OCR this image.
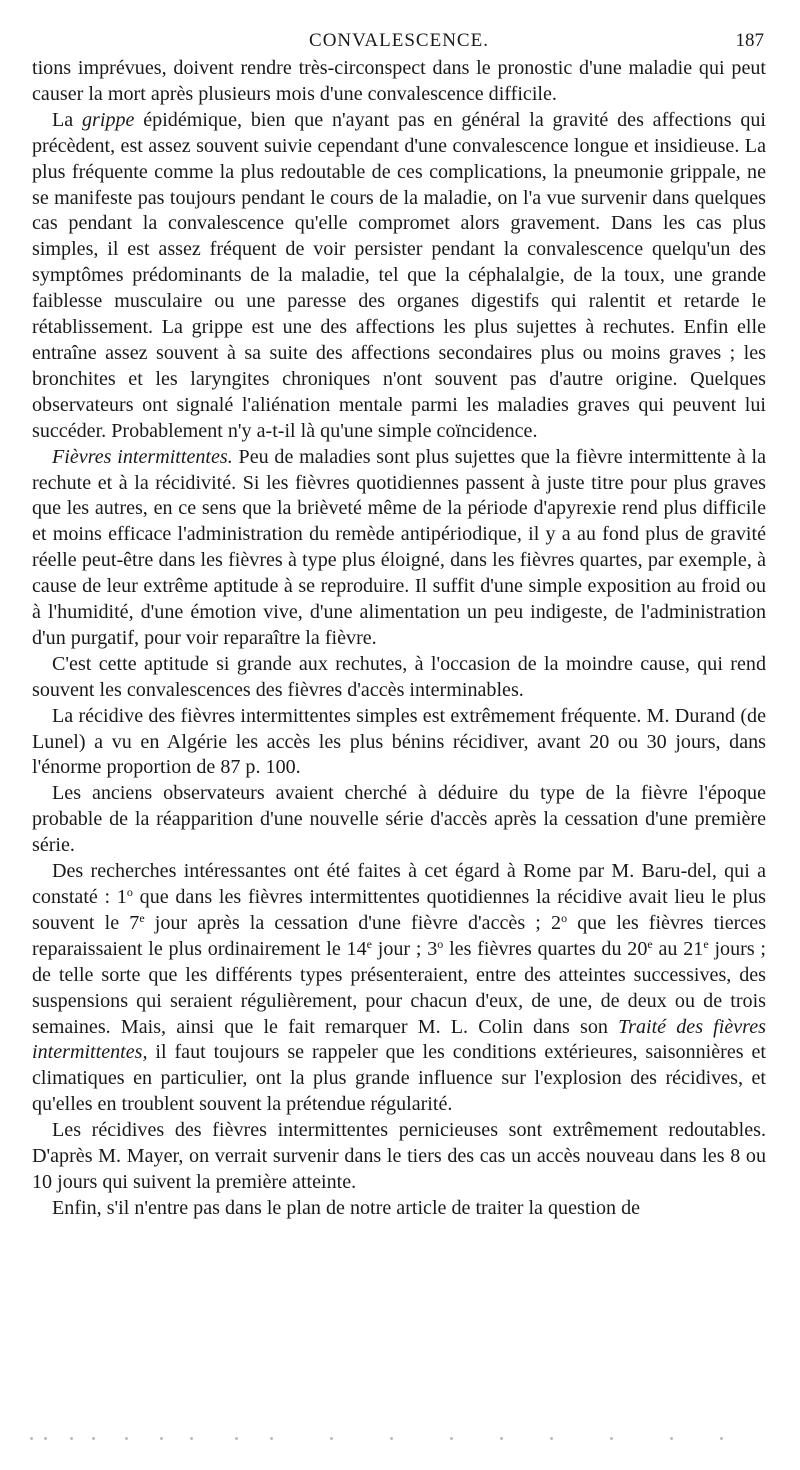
CONVALESCENCE.	187

tions imprévues, doivent rendre très-circonspect dans le pronostic d'une maladie qui peut causer la mort après plusieurs mois d'une convalescence difficile.

La grippe épidémique, bien que n'ayant pas en général la gravité des affections qui précèdent, est assez souvent suivie cependant d'une convalescence longue et insidieuse. La plus fréquente comme la plus redoutable de ces complications, la pneumonie grippale, ne se manifeste pas toujours pendant le cours de la maladie, on l'a vue survenir dans quelques cas pendant la convalescence qu'elle compromet alors gravement. Dans les cas plus simples, il est assez fréquent de voir persister pendant la convalescence quelqu'un des symptômes prédominants de la maladie, tel que la céphalalgie, de la toux, une grande faiblesse musculaire ou une paresse des organes digestifs qui ralentit et retarde le rétablissement. La grippe est une des affections les plus sujettes à rechutes. Enfin elle entraîne assez souvent à sa suite des affections secondaires plus ou moins graves ; les bronchites et les laryngites chroniques n'ont souvent pas d'autre origine. Quelques observateurs ont signalé l'aliénation mentale parmi les maladies graves qui peuvent lui succéder. Probablement n'y a-t-il là qu'une simple coïncidence.

Fièvres intermittentes. Peu de maladies sont plus sujettes que la fièvre intermittente à la rechute et à la récidivité. Si les fièvres quotidiennes passent à juste titre pour plus graves que les autres, en ce sens que la brièveté même de la période d'apyrexie rend plus difficile et moins efficace l'administration du remède antipériodique, il y a au fond plus de gravité réelle peut-être dans les fièvres à type plus éloigné, dans les fièvres quartes, par exemple, à cause de leur extrême aptitude à se reproduire. Il suffit d'une simple exposition au froid ou à l'humidité, d'une émotion vive, d'une alimentation un peu indigeste, de l'administration d'un purgatif, pour voir reparaître la fièvre.

C'est cette aptitude si grande aux rechutes, à l'occasion de la moindre cause, qui rend souvent les convalescences des fièvres d'accès interminables.

La récidive des fièvres intermittentes simples est extrêmement fréquente. M. Durand (de Lunel) a vu en Algérie les accès les plus bénins récidiver, avant 20 ou 30 jours, dans l'énorme proportion de 87 p. 100.

Les anciens observateurs avaient cherché à déduire du type de la fièvre l'époque probable de la réapparition d'une nouvelle série d'accès après la cessation d'une première série.

Des recherches intéressantes ont été faites à cet égard à Rome par M. Baru-del, qui a constaté : 1$^o$ que dans les fièvres intermittentes quotidiennes la récidive avait lieu le plus souvent le 7e jour après la cessation d'une fièvre d'accès ; 2$^o$ que les fièvres tierces reparaissaient le plus ordinairement le 14e jour ; 3$^o$ les fièvres quartes du 20e au 21e jours ; de telle sorte que les différents types présenteraient, entre des atteintes successives, des suspensions qui seraient régulièrement, pour chacun d'eux, de une, de deux ou de trois semaines. Mais, ainsi que le fait remarquer M. L. Colin dans son Traité des fièvres intermittentes, il faut toujours se rappeler que les conditions extérieures, saisonnières et climatiques en particulier, ont la plus grande influence sur l'explosion des récidives, et qu'elles en troublent souvent la prétendue régularité.

Les récidives des fièvres intermittentes pernicieuses sont extrêmement redoutables. D'après M. Mayer, on verrait survenir dans le tiers des cas un accès nouveau dans les 8 ou 10 jours qui suivent la première atteinte.

Enfin, s'il n'entre pas dans le plan de notre article de traiter la question de
